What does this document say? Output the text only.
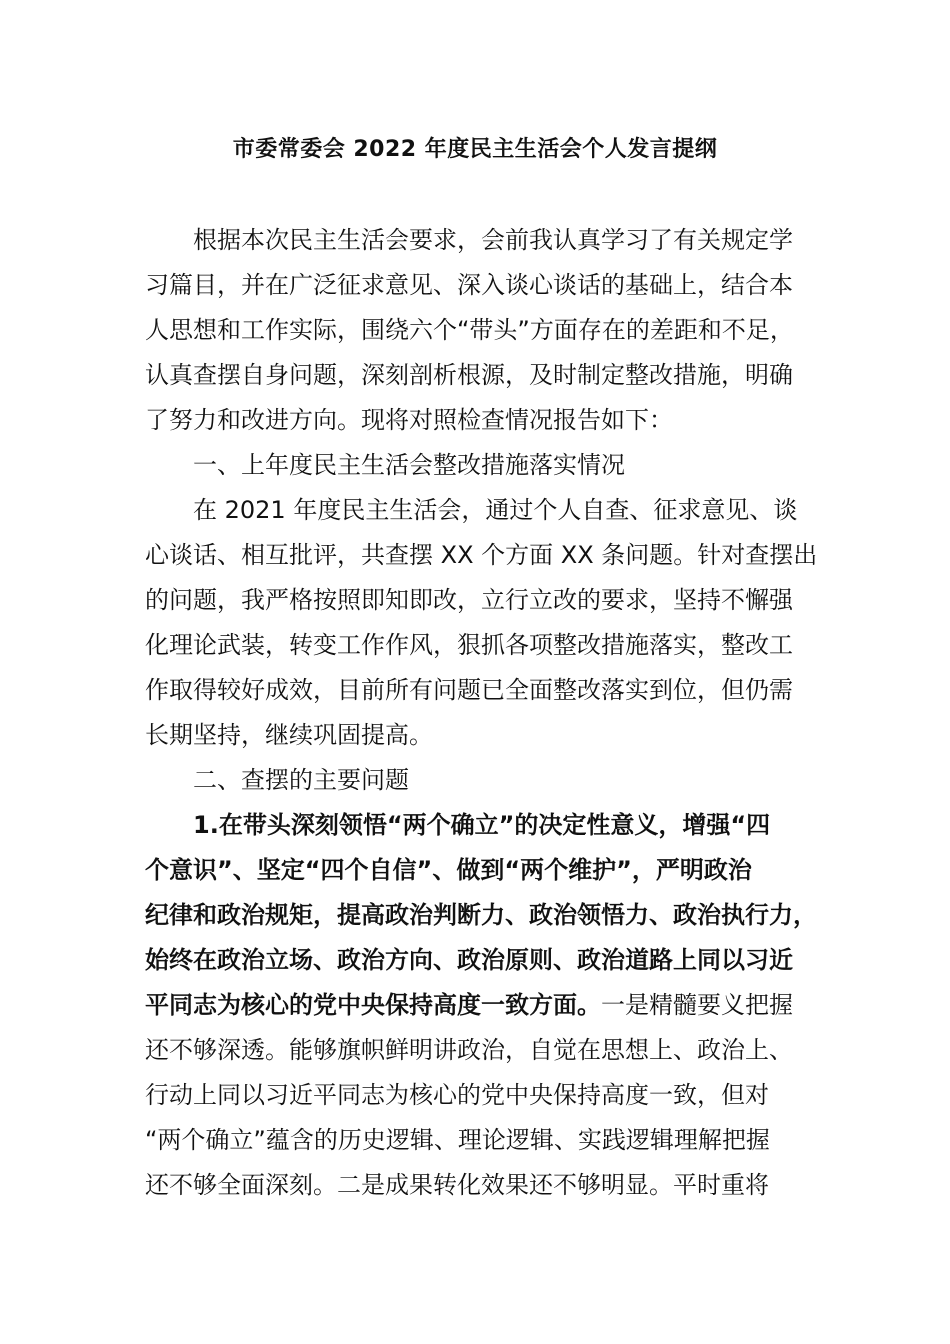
市委常委会 2022 年度民主生活会个人发言提纲
根据本次民主生活会要求，会前我认真学习了有关规定学
习篇目，并在广泛征求意见、深入谈心谈话的基础上，结合本
人思想和工作实际，围绕六个“带头”方面存在的差距和不足，
认真查摆自身问题，深刻剖析根源，及时制定整改措施，明确
了努力和改进方向。现将对照检查情况报告如下：
一、上年度民主生活会整改措施落实情况
在 2021 年度民主生活会，通过个人自查、征求意见、谈
心谈话、相互批评，共查摆 XX 个方面 XX 条问题。针对查摆出
的问题，我严格按照即知即改，立行立改的要求，坚持不懈强
化理论武装，转变工作作风，狠抓各项整改措施落实，整改工
作取得较好成效，目前所有问题已全面整改落实到位，但仍需
长期坚持，继续巩固提高。
二、查摆的主要问题
1.在带头深刻领悟“两个确立”的决定性意义，增强“四
个意识”、坚定“四个自信”、做到“两个维护”，严明政治
纪律和政治规矩，提高政治判断力、政治领悟力、政治执行力，
始终在政治立场、政治方向、政治原则、政治道路上同以习近
平同志为核心的党中央保持高度一致方面。一是精髓要义把握
还不够深透。能够旗帜鲜明讲政治，自觉在思想上、政治上、
行动上同以习近平同志为核心的党中央保持高度一致，但对
“两个确立”蕴含的历史逻辑、理论逻辑、实践逻辑理解把握
还不够全面深刻。二是成果转化效果还不够明显。平时重将
